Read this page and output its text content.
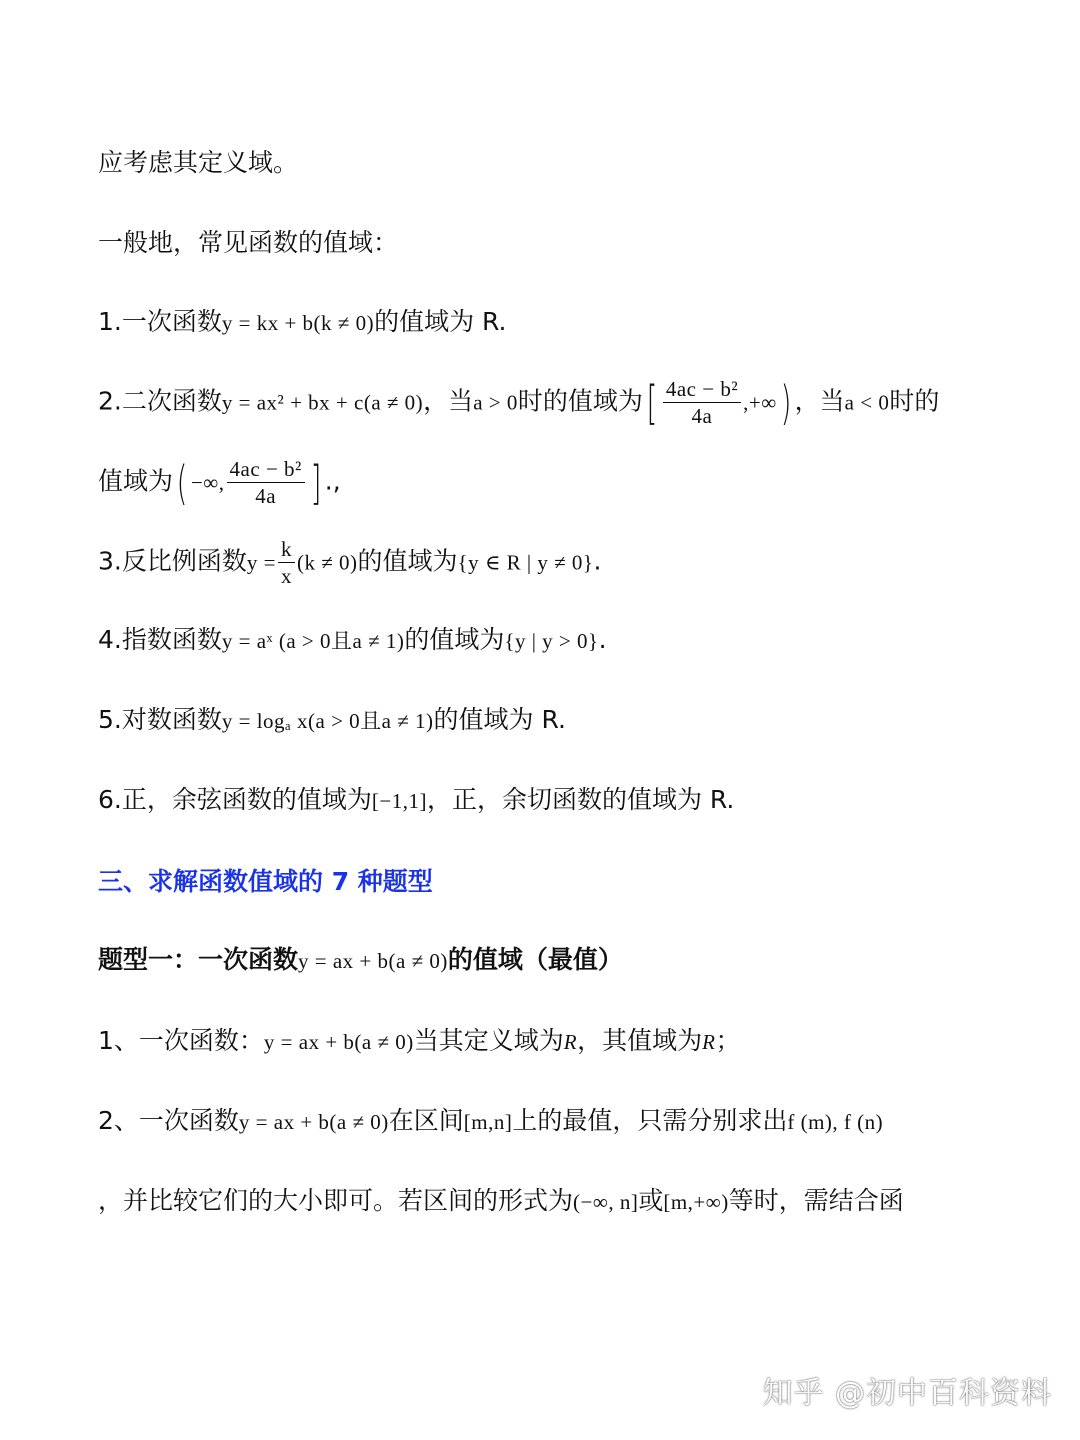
应考虑其定义域。
一般地，常见函数的值域：
1.一次函数y = kx + b(k ≠ 0)的值域为 R.
2.二次函数y = ax² + bx + c(a ≠ 0)，当a > 0时的值域为[ $\frac{\text{4ac − b²}}{4a}$ ,+∞) ，当a < 0时的
值域为( −∞, $\frac{\text{4ac − b²}}{4a}$ ] .,
3.反比例函数$y = \frac{k}{x} (k \ne 0)$的值域为{y ∈ R | y ≠ 0}.
4.指数函数y = aˣ (a > 0且a ≠ 1)的值域为{y | y > 0}.
5.对数函数y = logₐ x(a > 0且a ≠ 1)的值域为 R.
6.正，余弦函数的值域为[−1,1]，正，余切函数的值域为 R.
三、求解函数值域的 7 种题型
题型一：一次函数y = ax + b(a ≠ 0)的值域（最值）
1、一次函数：y = ax + b(a ≠ 0)当其定义域为R，其值域为R；
2、一次函数y = ax + b(a ≠ 0)在区间[m,n]上的最值，只需分别求出f (m), f (n)
，并比较它们的大小即可。若区间的形式为(−∞, n]或[m,+∞)等时，需结合函
知乎 @初中百科资料
